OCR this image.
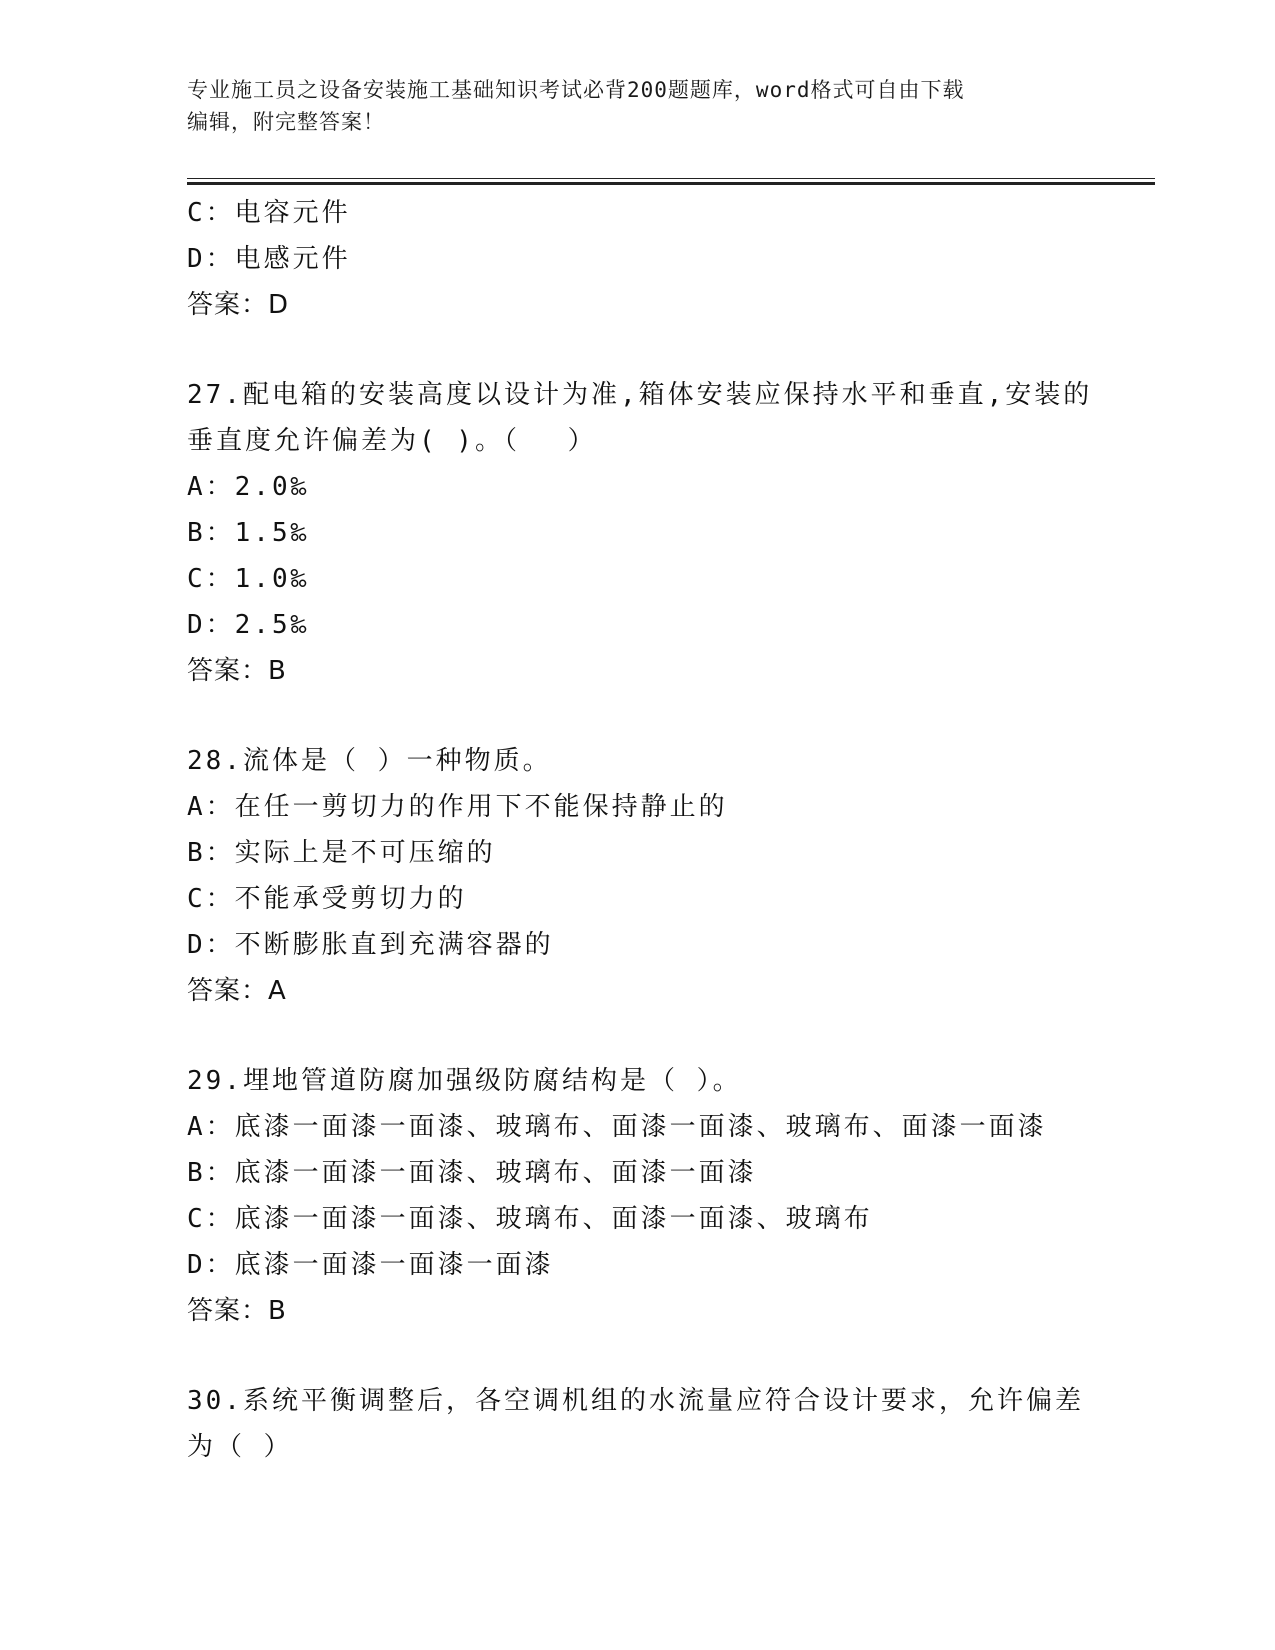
专业施工员之设备安装施工基础知识考试必背200题题库，word格式可自由下载
编辑，附完整答案！
C：电容元件
D：电感元件
答案：D
27.配电箱的安装高度以设计为准,箱体安装应保持水平和垂直,安装的
垂直度允许偏差为( )。（　 ）
A：2.0‰
B：1.5‰
C：1.0‰
D：2.5‰
答案：B
28.流体是（ ）一种物质。
A：在任一剪切力的作用下不能保持静止的
B：实际上是不可压缩的
C：不能承受剪切力的
D：不断膨胀直到充满容器的
答案：A
29.埋地管道防腐加强级防腐结构是（ ）。
A：底漆一面漆一面漆、玻璃布、面漆一面漆、玻璃布、面漆一面漆
B：底漆一面漆一面漆、玻璃布、面漆一面漆
C：底漆一面漆一面漆、玻璃布、面漆一面漆、玻璃布
D：底漆一面漆一面漆一面漆
答案：B
30.系统平衡调整后，各空调机组的水流量应符合设计要求，允许偏差
为（ ）
